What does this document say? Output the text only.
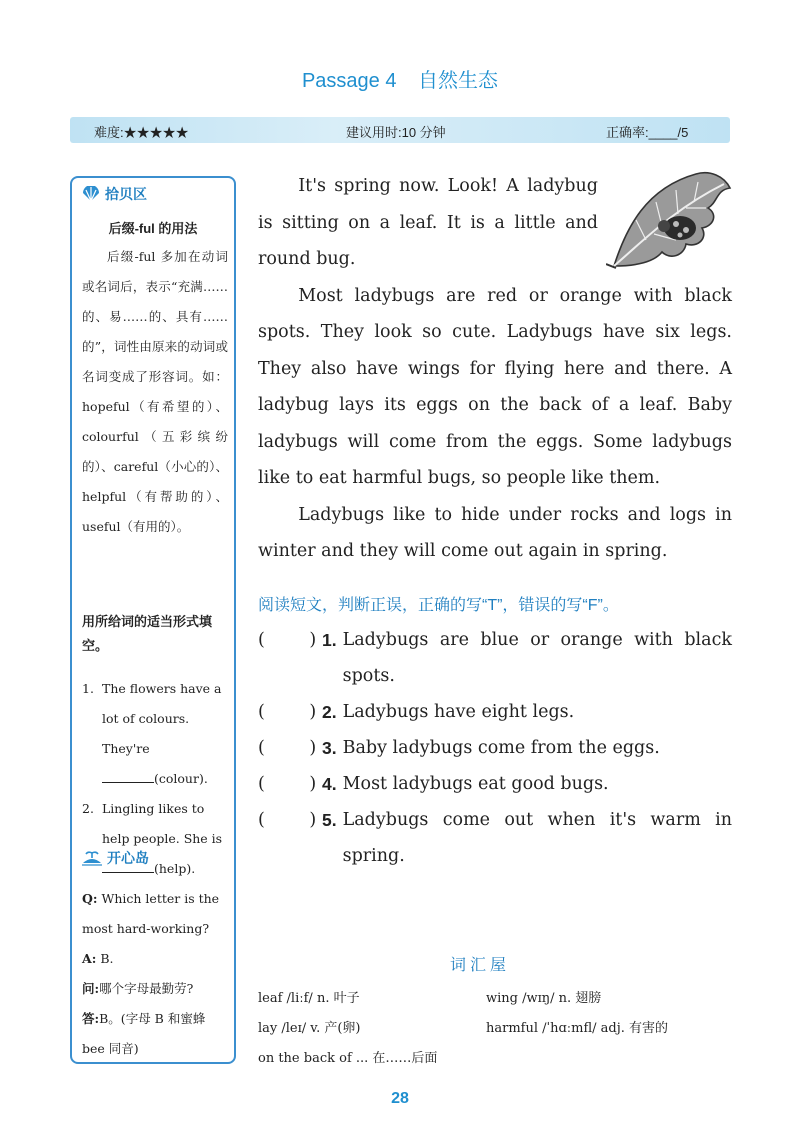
Passage 4 自然生态
难度:★★★★★	建议用时:10 分钟	正确率:____/5
拾贝区
后缀-ful 的用法

后缀-ful 多加在动词或名词后，表示“充满……的、易……的、具有……的”，词性由原来的动词或名词变成了形容词。如：hopeful（有希望的）、colourful（五彩缤纷的）、careful（小心的）、helpful（有帮助的）、useful（有用的）。

用所给词的适当形式填空。
1. The flowers have a lot of colours. They're
(colour).
2. Lingling likes to help people. She is
(help).
开心岛
Q: Which letter is the most hard-working?
A: B.
问:哪个字母最勤劳?
答:B。(字母 B 和蜜蜂 bee 同音)

It's spring now. Look! A ladybug is sitting on a leaf. It is a little and round bug.

Most ladybugs are red or orange with black spots. They look so cute. Ladybugs have six legs. They also have wings for flying here and there. A ladybug lays its eggs on the back of a leaf. Baby ladybugs will come from the eggs. Some ladybugs like to eat harmful bugs, so people like them.

Ladybugs like to hide under rocks and logs in winter and they will come out again in spring.

阅读短文，判断正误，正确的写“T”，错误的写“F”。
(        ) 1. Ladybugs are blue or orange with black spots.
(        ) 2. Ladybugs have eight legs.
(        ) 3. Baby ladybugs come from the eggs.
(        ) 4. Most ladybugs eat good bugs.
(        ) 5. Ladybugs come out when it's warm in spring.
词汇屋
leaf /liːf/ n. 叶子	wing /wɪŋ/ n. 翅膀
lay /leɪ/ v. 产(卵)	harmful /ˈhɑːmfl/ adj. 有害的
on the back of ... 在……后面
28
